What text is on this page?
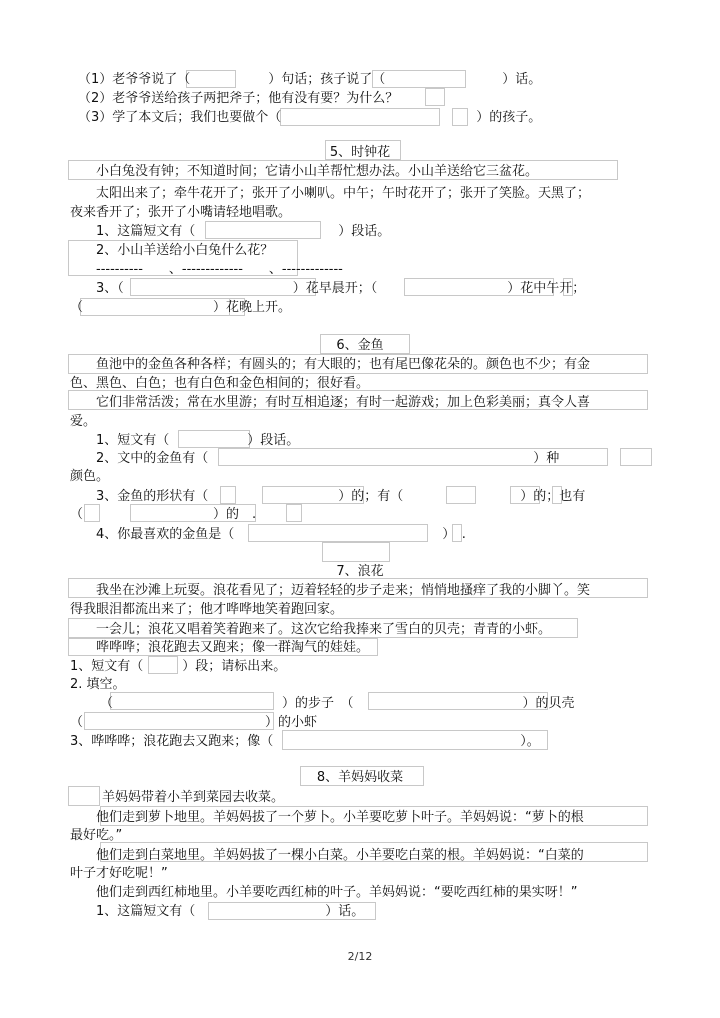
（1）老爷爷说了（　　　　　　）句话；孩子说了（　　　　　　　　　）话。
（2）老爷爷送给孩子两把斧子；他有没有要？为什么？
（3）学了本文后；我们也要做个（　　　　　　　　　　　　　　　）的孩子。
5、时钟花
小白兔没有钟；不知道时间；它请小山羊帮忙想办法。小山羊送给它三盆花。
太阳出来了；牵牛花开了；张开了小喇叭。中午；午时花开了；张开了笑脸。天黑了；
夜来香开了；张开了小嘴请轻地唱歌。
1、这篇短文有（　　　　　　　　　　　）段话。
2、小山羊送给小白兔什么花？
----------　　、-------------　　、-------------
3、（　　　　　　　　　　　　　）花早晨开；（　　　　　　　　　　）花中午开；
（　　　　　　　　　　）花晚上开。
6、金鱼
鱼池中的金鱼各种各样；有圆头的；有大眼的；也有尾巴像花朵的。颜色也不少；有金
色、黑色、白色；也有白色和金色相间的；很好看。
它们非常活泼；常在水里游；有时互相追逐；有时一起游戏；加上色彩美丽；真令人喜
爱。
1、短文有（　　　　　　）段话。
2、文中的金鱼有（　　　　　　　　　　　　　　　　　　　　　　　　　）种
颜色。
3、金鱼的形状有（　　　　　　　　　　）的；有（　　　　　　　　　）的；也有
（　　　　　　　　　　）的　.
4、你最喜欢的金鱼是（　　　　　　　　　　　　　　　　）　.
7、浪花
我坐在沙滩上玩耍。浪花看见了；迈着轻轻的步子走来；悄悄地搔痒了我的小脚丫。笑
得我眼泪都流出来了；他才哗哗地笑着跑回家。
一会儿；浪花又唱着笑着跑来了。这次它给我捧来了雪白的贝壳；青青的小虾。
哗哗哗；浪花跑去又跑来；像一群淘气的娃娃。
1、短文有（　　　）段；请标出来。
2. 填空。
（　　　　　　　　　　　　　）的步子　（　　　　　　　　　　　　　）的贝壳
（　　　　　　　　　　　　　　）的小虾
3、哗哗哗；浪花跑去又跑来；像（　　　　　　　　　　　　　　　　　　　）。
8、羊妈妈收菜
羊妈妈带着小羊到菜园去收菜。
他们走到萝卜地里。羊妈妈拔了一个萝卜。小羊要吃萝卜叶子。羊妈妈说：“萝卜的根
最好吃。”
他们走到白菜地里。羊妈妈拔了一棵小白菜。小羊要吃白菜的根。羊妈妈说：“白菜的
叶子才好吃呢！”
他们走到西红柿地里。小羊要吃西红柿的叶子。羊妈妈说：“要吃西红柿的果实呀！”
1、这篇短文有（　　　　　　　　　　）话。
2/12
